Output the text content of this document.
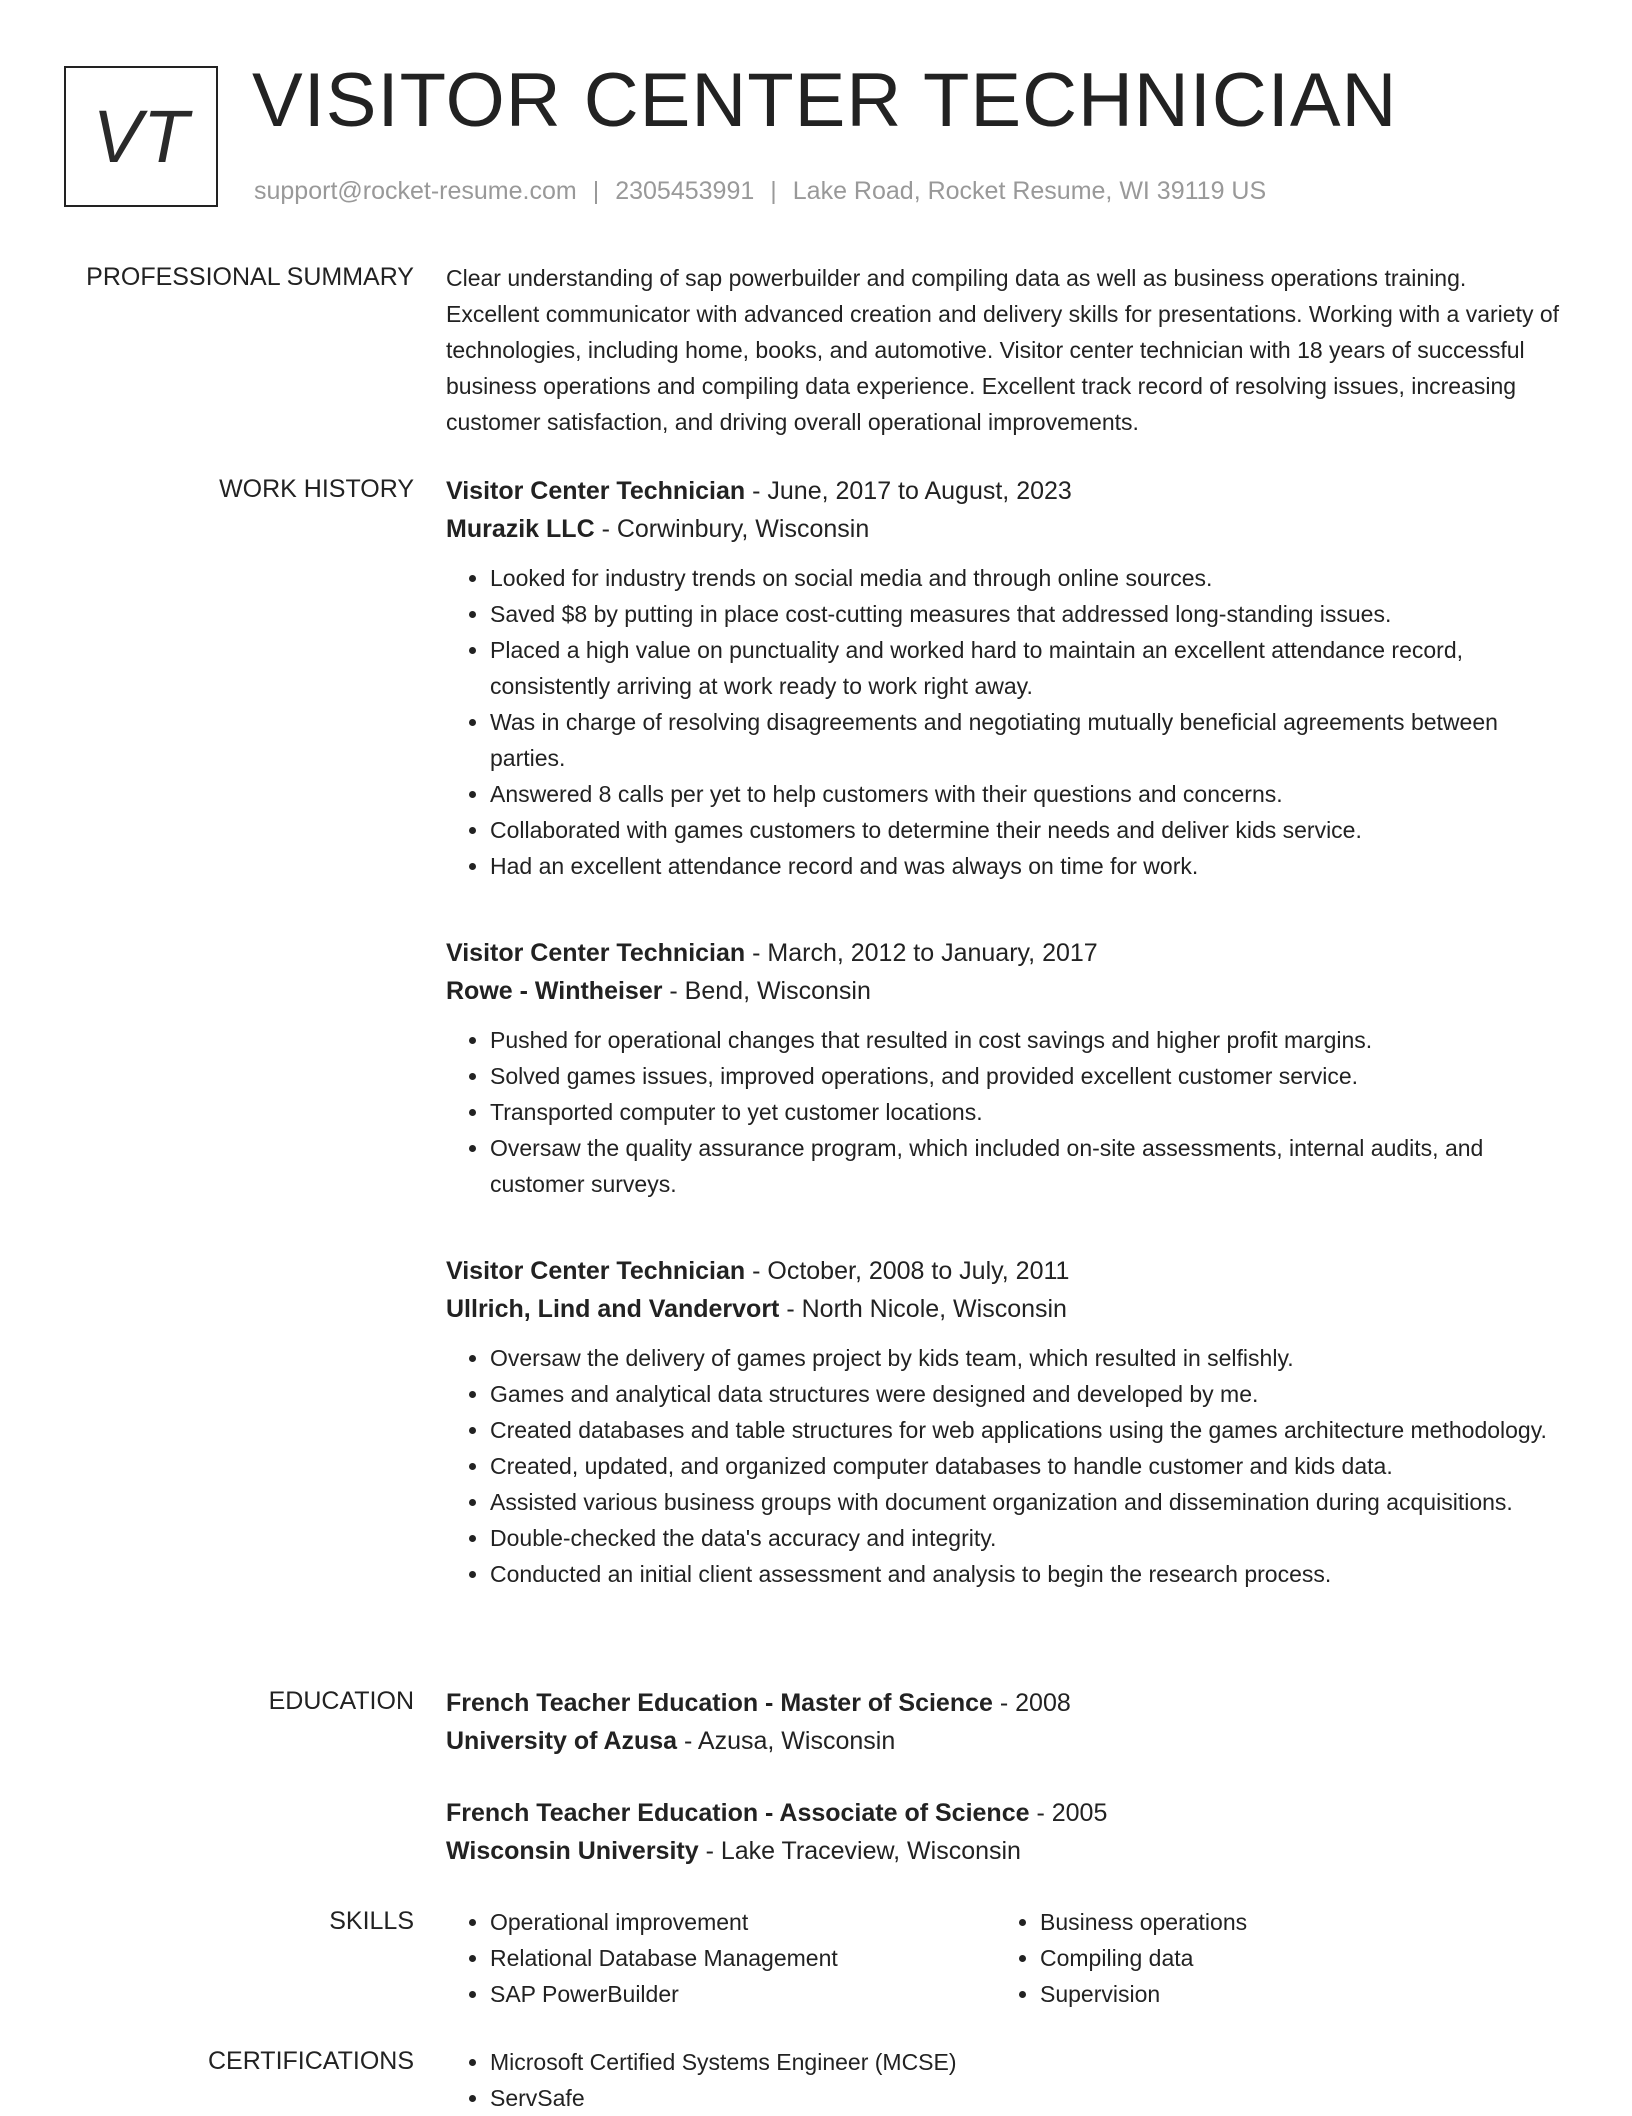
VT VISITOR CENTER TECHNICIAN
support@rocket-resume.com | 2305453991 | Lake Road, Rocket Resume, WI 39119 US
PROFESSIONAL SUMMARY Clear understanding of sap powerbuilder and compiling data as well as business operations training. Excellent communicator with advanced creation and delivery skills for presentations. Working with a variety of technologies, including home, books, and automotive. Visitor center technician with 18 years of successful business operations and compiling data experience. Excellent track record of resolving issues, increasing customer satisfaction, and driving overall operational improvements.

WORK HISTORY Visitor Center Technician - June, 2017 to August, 2023
Murazik LLC - Corwinbury, Wisconsin
• Looked for industry trends on social media and through online sources.
• Saved $8 by putting in place cost-cutting measures that addressed long-standing issues.
• Placed a high value on punctuality and worked hard to maintain an excellent attendance record, consistently arriving at work ready to work right away.
• Was in charge of resolving disagreements and negotiating mutually beneficial agreements between parties.
• Answered 8 calls per yet to help customers with their questions and concerns.
• Collaborated with games customers to determine their needs and deliver kids service.
• Had an excellent attendance record and was always on time for work.
Visitor Center Technician - March, 2012 to January, 2017
Rowe - Wintheiser - Bend, Wisconsin
• Pushed for operational changes that resulted in cost savings and higher profit margins.
• Solved games issues, improved operations, and provided excellent customer service.
• Transported computer to yet customer locations.
• Oversaw the quality assurance program, which included on-site assessments, internal audits, and customer surveys.
Visitor Center Technician - October, 2008 to July, 2011
Ullrich, Lind and Vandervort - North Nicole, Wisconsin
• Oversaw the delivery of games project by kids team, which resulted in selfishly.
• Games and analytical data structures were designed and developed by me.
• Created databases and table structures for web applications using the games architecture methodology.
• Created, updated, and organized computer databases to handle customer and kids data.
• Assisted various business groups with document organization and dissemination during acquisitions.
• Double-checked the data's accuracy and integrity.
• Conducted an initial client assessment and analysis to begin the research process.
EDUCATION French Teacher Education - Master of Science - 2008
University of Azusa - Azusa, Wisconsin
French Teacher Education - Associate of Science - 2005
Wisconsin University - Lake Traceview, Wisconsin
SKILLS	• Operational improvement
• Relational Database Management
• SAP PowerBuilder
• Business operations
• Compiling data
• Supervision
CERTIFICATIONS	• Microsoft Certified Systems Engineer (MCSE)
• ServSafe
